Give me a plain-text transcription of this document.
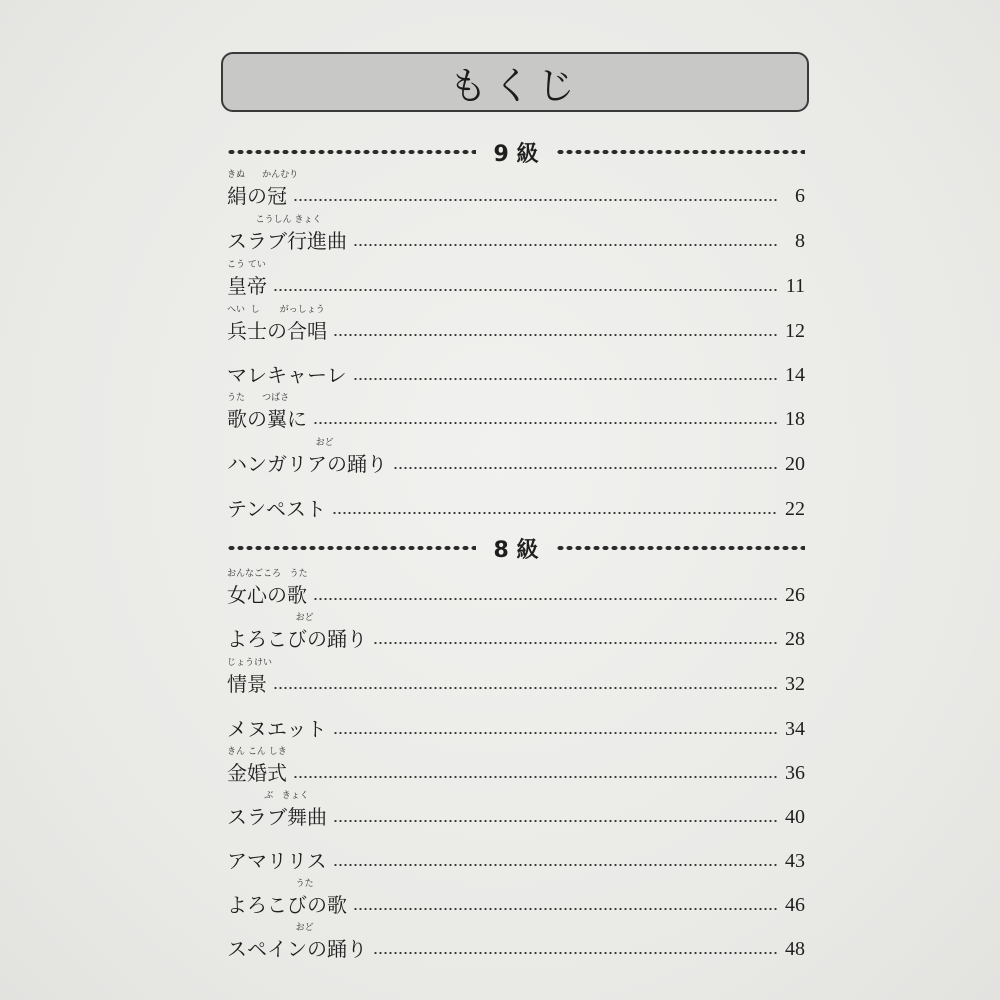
もくじ
9 級
きぬ      かんむり
絹の冠	6
こうしん きょく
スラブ行進曲	8
こう てい
皇帝	11
へい  し       がっしょう
兵士の合唱	12
マレキャーレ	14
うた      つばさ
歌の翼に	18
おど
ハンガリアの踊り	20
テンペスト	22
8 級
おんなごころ   うた
女心の歌	26
おど
よろこびの踊り	28
じょうけい
情景	32
メヌエット	34
きん こん しき
金婚式	36
ぶ   きょく
スラブ舞曲	40
アマリリス	43
うた
よろこびの歌	46
おど
スペインの踊り	48
